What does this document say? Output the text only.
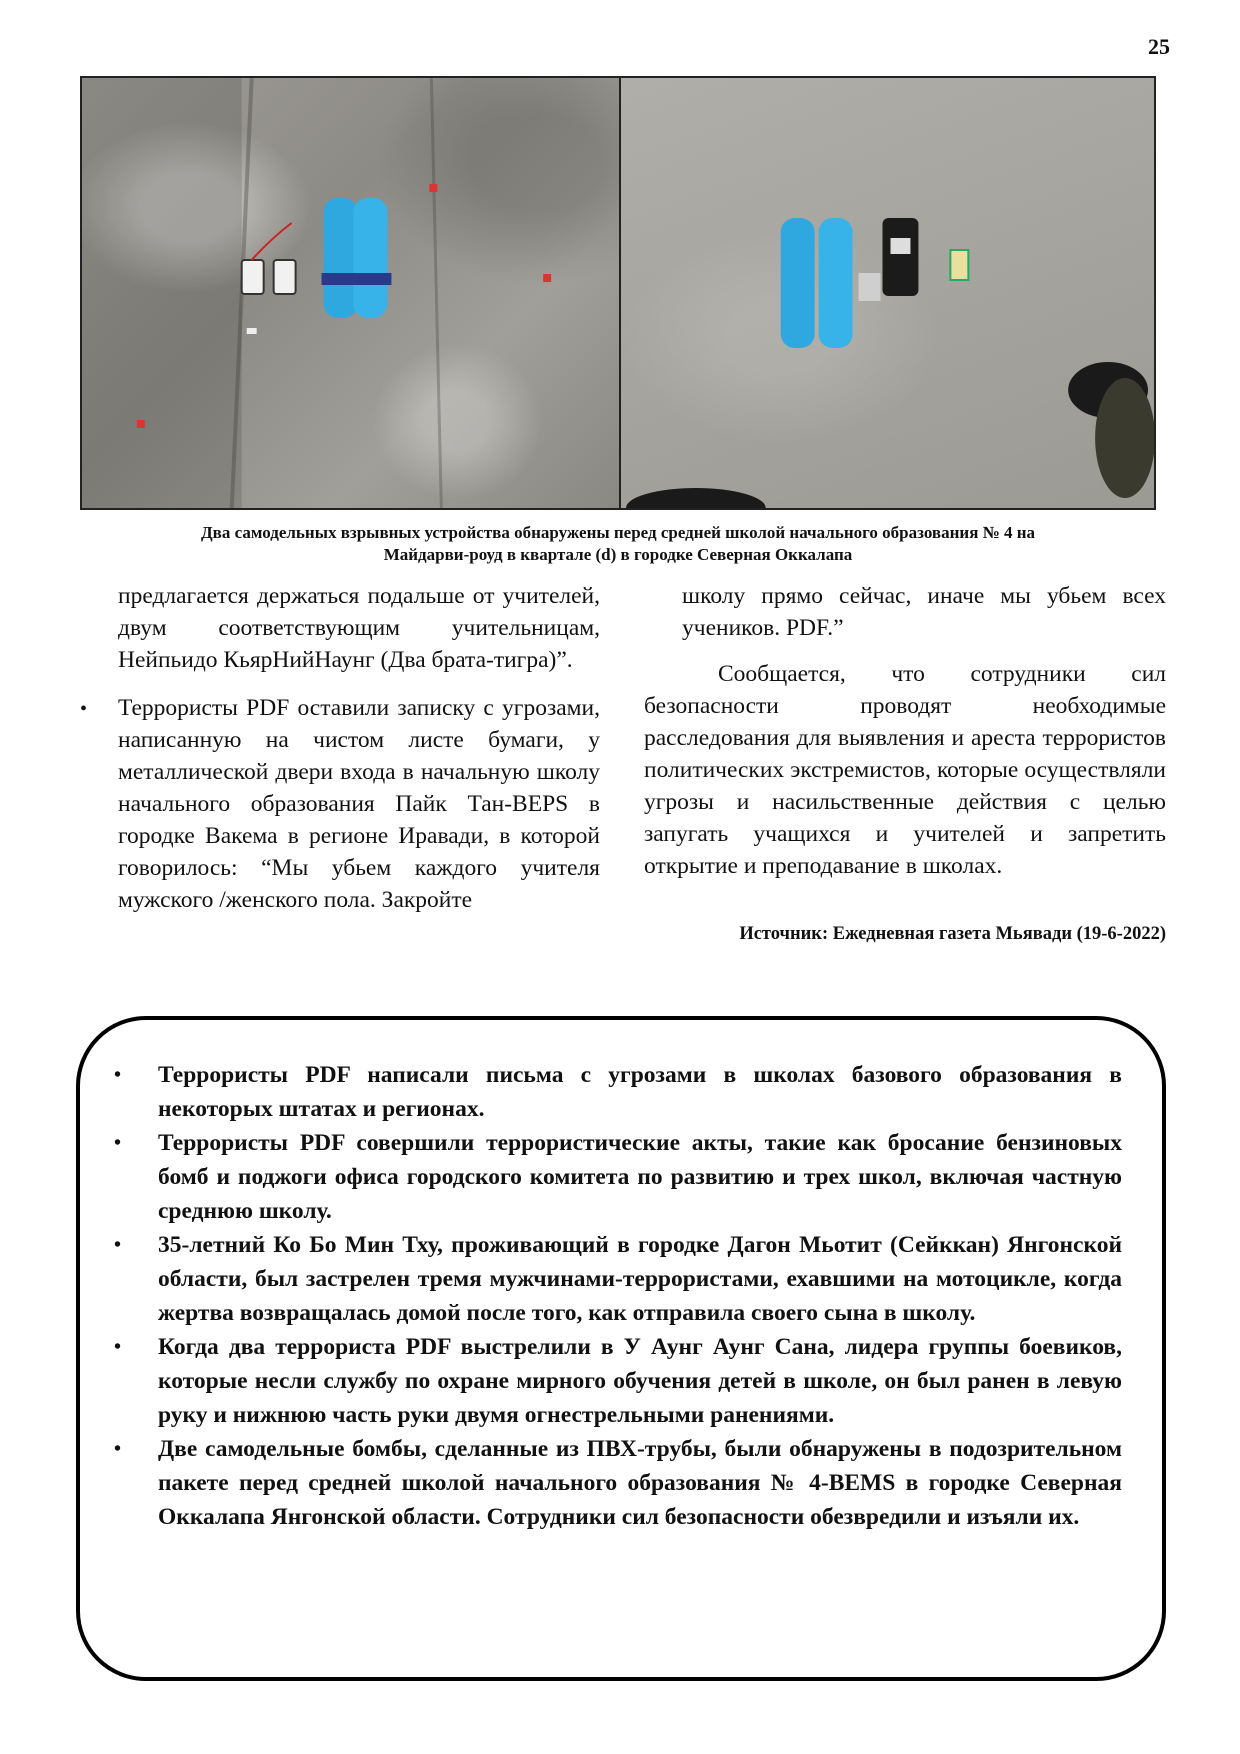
25
Два самодельных взрывных устройства обнаружены перед средней школой начального образования № 4 на
Майдарви-роуд в квартале (d) в городке Северная Оккалапа

предлагается держаться подальше от учителей, двум соответствующим учительницам, Нейпьидо КьярНийНаунг (Два брата-тигра)”.

•	Террористы PDF оставили записку с угрозами, написанную на чистом листе бумаги, у металлической двери входа в начальную школу начального образования Пайк Тан-BEPS в городке Вакема в регионе Иравади, в которой говорилось: “Мы убьем каждого учителя мужского /женского пола. Закройте

школу прямо сейчас, иначе мы убьем всех учеников. PDF.”

Сообщается, что сотрудники сил безопасности проводят необходимые расследования для выявления и ареста террористов политических экстремистов, которые осуществляли угрозы и насильственные действия с целью запугать учащихся и учителей и запретить открытие и преподавание в школах.

Источник: Ежедневная газета Мьявади (19-6-2022)

•	Террористы PDF написали письма с угрозами в школах базового образования в некоторых штатах и регионах.
•	Террористы PDF совершили террористические акты, такие как бросание бензиновых бомб и поджоги офиса городского комитета по развитию и трех школ, включая частную среднюю школу.
•	35-летний Ко Бо Мин Тху, проживающий в городке Дагон Мьотит (Сейккан) Янгонской области, был застрелен тремя мужчинами-террористами, ехавшими на мотоцикле, когда жертва возвращалась домой после того, как отправила своего сына в школу.
•	Когда два террориста PDF выстрелили в У Аунг Аунг Сана, лидера группы боевиков, которые несли службу по охране мирного обучения детей в школе, он был ранен в левую руку и нижнюю часть руки двумя огнестрельными ранениями.
•	Две самодельные бомбы, сделанные из ПВХ-трубы, были обнаружены в подозрительном пакете перед средней школой начального образования № 4-BEMS в городке Северная Оккалапа Янгонской области. Сотрудники сил безопасности обезвредили и изъяли их.
